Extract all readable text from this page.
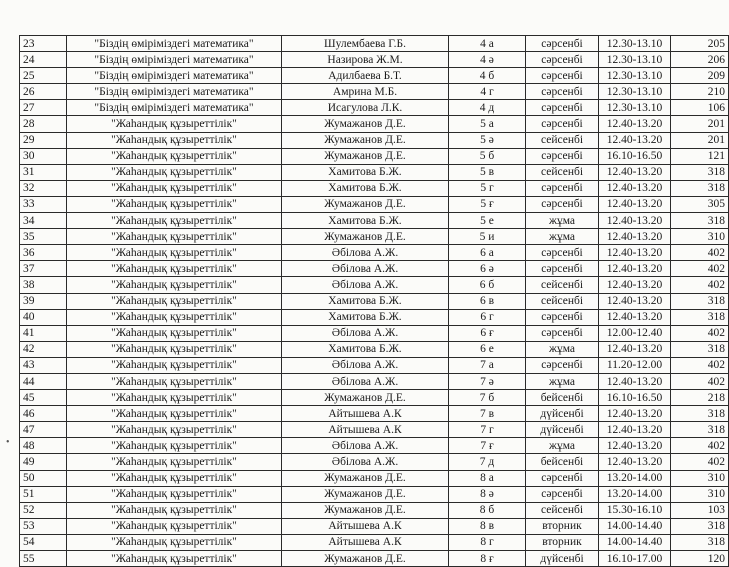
23	"Біздің өміріміздегі математика"	Шулембаева Г.Б.	4 а	сәрсенбі	12.30-13.10	205
24	"Біздің өміріміздегі математика"	Назирова Ж.М.	4 ә	сәрсенбі	12.30-13.10	206
25	"Біздің өміріміздегі математика"	Адилбаева Б.Т.	4 б	сәрсенбі	12.30-13.10	209
26	"Біздің өміріміздегі математика"	Амрина М.Б.	4 г	сәрсенбі	12.30-13.10	210
27	"Біздің өміріміздегі математика"	Исагулова Л.К.	4 д	сәрсенбі	12.30-13.10	106
28	"Жаһандық құзыреттілік"	Жумажанов Д.Е.	5 а	сәрсенбі	12.40-13.20	201
29	"Жаһандық құзыреттілік"	Жумажанов Д.Е.	5 ә	сейсенбі	12.40-13.20	201
30	"Жаһандық құзыреттілік"	Жумажанов Д.Е.	5 б	сәрсенбі	16.10-16.50	121
31	"Жаһандық құзыреттілік"	Хамитова Б.Ж.	5 в	сейсенбі	12.40-13.20	318
32	"Жаһандық құзыреттілік"	Хамитова Б.Ж.	5 г	сәрсенбі	12.40-13.20	318
33	"Жаһандық құзыреттілік"	Жумажанов Д.Е.	5 ғ	сәрсенбі	12.40-13.20	305
34	"Жаһандық құзыреттілік"	Хамитова Б.Ж.	5 е	жұма	12.40-13.20	318
35	"Жаһандық құзыреттілік"	Жумажанов Д.Е.	5 и	жұма	12.40-13.20	310
36	"Жаһандық құзыреттілік"	Әбілова А.Ж.	6 а	сәрсенбі	12.40-13.20	402
37	"Жаһандық құзыреттілік"	Әбілова А.Ж.	6 ә	сәрсенбі	12.40-13.20	402
38	"Жаһандық құзыреттілік"	Әбілова А.Ж.	6 б	сейсенбі	12.40-13.20	402
39	"Жаһандық құзыреттілік"	Хамитова Б.Ж.	6 в	сейсенбі	12.40-13.20	318
40	"Жаһандық құзыреттілік"	Хамитова Б.Ж.	6 г	сәрсенбі	12.40-13.20	318
41	"Жаһандық құзыреттілік"	Әбілова А.Ж.	6 ғ	сәрсенбі	12.00-12.40	402
42	"Жаһандық құзыреттілік"	Хамитова Б.Ж.	6 е	жұма	12.40-13.20	318
43	"Жаһандық құзыреттілік"	Әбілова А.Ж.	7 а	сәрсенбі	11.20-12.00	402
44	"Жаһандық құзыреттілік"	Әбілова А.Ж.	7 ә	жұма	12.40-13.20	402
45	"Жаһандық құзыреттілік"	Жумажанов Д.Е.	7 б	бейсенбі	16.10-16.50	218
46	"Жаһандық құзыреттілік"	Айтышева А.К	7 в	дүйсенбі	12.40-13.20	318
47	"Жаһандық құзыреттілік"	Айтышева А.К	7 г	дүйсенбі	12.40-13.20	318
48	"Жаһандық құзыреттілік"	Әбілова А.Ж.	7 ғ	жұма	12.40-13.20	402
49	"Жаһандық құзыреттілік"	Әбілова А.Ж.	7 д	бейсенбі	12.40-13.20	402
50	"Жаһандық құзыреттілік"	Жумажанов Д.Е.	8 а	сәрсенбі	13.20-14.00	310
51	"Жаһандық құзыреттілік"	Жумажанов Д.Е.	8 ә	сәрсенбі	13.20-14.00	310
52	"Жаһандық құзыреттілік"	Жумажанов Д.Е.	8 б	сейсенбі	15.30-16.10	103
53	"Жаһандық құзыреттілік"	Айтышева А.К	8 в	вторник	14.00-14.40	318
54	"Жаһандық құзыреттілік"	Айтышева А.К	8 г	вторник	14.00-14.40	318
55	"Жаһандық құзыреттілік"	Жумажанов Д.Е.	8 ғ	дүйсенбі	16.10-17.00	120
•
